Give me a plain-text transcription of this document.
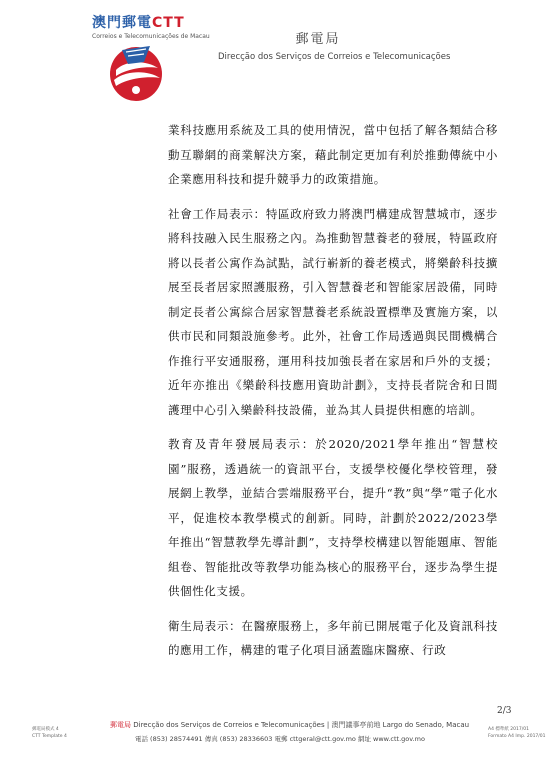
澳門郵電CTT
Correios e Telecomunicações de Macau	郵電局
Direcção dos Serviços de Correios e Telecomunicações

業科技應用系統及工具的使用情況，當中包括了解各類結合移動互聯網的商業解決方案，藉此制定更加有利於推動傳統中小企業應用科技和提升競爭力的政策措施。

社會工作局表示：特區政府致力將澳門構建成智慧城市，逐步將科技融入民生服務之內。為推動智慧養老的發展，特區政府將以長者公寓作為試點，試行嶄新的養老模式，將樂齡科技擴展至長者居家照護服務，引入智慧養老和智能家居設備，同時制定長者公寓綜合居家智慧養老系統設置標準及實施方案，以供市民和同類設施參考。此外，社會工作局透過與民間機構合作推行平安通服務，運用科技加強長者在家居和戶外的支援；近年亦推出《樂齡科技應用資助計劃》，支持長者院舍和日間護理中心引入樂齡科技設備，並為其人員提供相應的培訓。

教育及青年發展局表示：於2020/2021學年推出“智慧校園”服務，透過統一的資訊平台，支援學校優化學校管理，發展網上教學，並結合雲端服務平台，提升“教”與“學”電子化水平，促進校本教學模式的創新。同時，計劃於2022/2023學年推出“智慧教學先導計劃”，支持學校構建以智能題庫、智能組卷、智能批改等教學功能為核心的服務平台，逐步為學生提供個性化支援。

衛生局表示：在醫療服務上，多年前已開展電子化及資訊科技的應用工作，構建的電子化項目涵蓋臨床醫療、行政

2/3
郵電局模式 4
CTT Template 4
郵電局 Direcção dos Serviços de Correios e Telecomunicações | 澳門議事亭前地 Largo do Senado, Macau
電話 (853) 28574491 傳真 (853) 28336603 電郵 cttgeral@ctt.gov.mo 網址 www.ctt.gov.mo
A4 標準紙 2017/01
Formato A4 Imp. 2017/01
